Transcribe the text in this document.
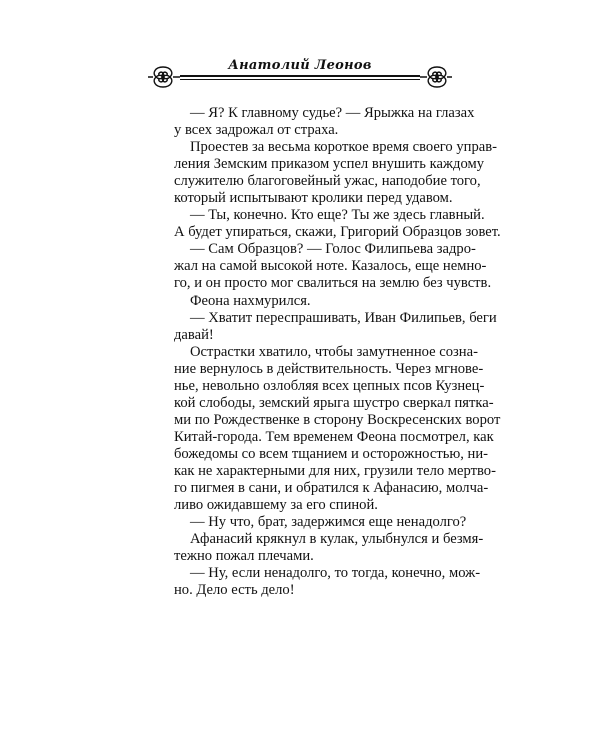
Анатолий Леонов
— Я? К главному судье? — Ярыжка на глазах
у всех задрожал от страха.
Проестев за весьма короткое время своего управ-
ления Земским приказом успел внушить каждому
служителю благоговейный ужас, наподобие того,
который испытывают кролики перед удавом.
— Ты, конечно. Кто еще? Ты же здесь главный.
А будет упираться, скажи, Григорий Образцов зовет.
— Сам Образцов? — Голос Филипьева задро-
жал на самой высокой ноте. Казалось, еще немно-
го, и он просто мог свалиться на землю без чувств.
Феона нахмурился.
— Хватит переспрашивать, Иван Филипьев, беги
давай!
Острастки хватило, чтобы замутненное созна-
ние вернулось в действительность. Через мгнове-
нье, невольно озлобляя всех цепных псов Кузнец-
кой слободы, земский ярыга шустро сверкал пятка-
ми по Рождественке в сторону Воскресенских ворот
Китай-города. Тем временем Феона посмотрел, как
божедомы со всем тщанием и осторожностью, ни-
как не характерными для них, грузили тело мертво-
го пигмея в сани, и обратился к Афанасию, молча-
ливо ожидавшему за его спиной.
— Ну что, брат, задержимся еще ненадолго?
Афанасий крякнул в кулак, улыбнулся и безмя-
тежно пожал плечами.
— Ну, если ненадолго, то тогда, конечно, мож-
но. Дело есть дело!
